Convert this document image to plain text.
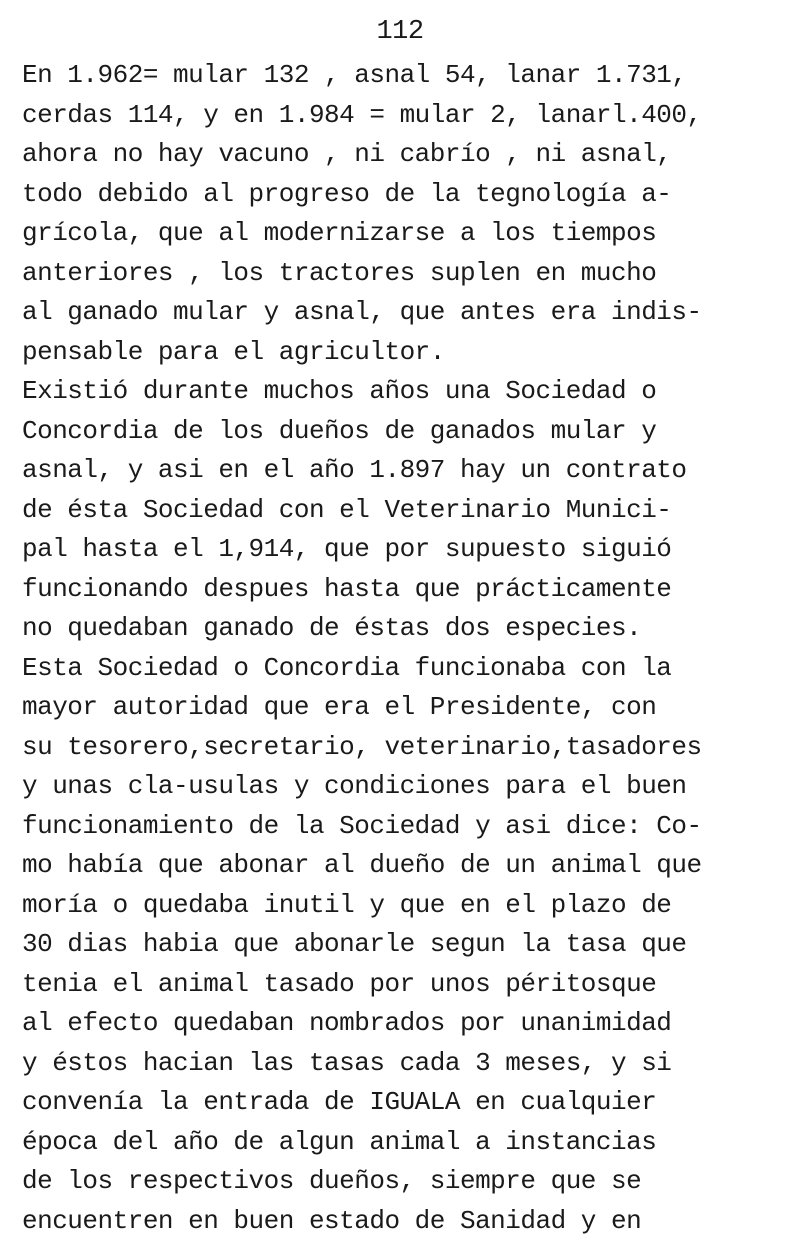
112
En 1.962= mular 132 , asnal 54, lanar 1.731,
cerdas 114, y en 1.984 = mular 2, lanarl.400,
ahora no hay vacuno , ni cabrío , ni asnal,
todo debido al progreso de la tegnología a-
grícola, que al modernizarse a los tiempos
anteriores , los tractores suplen en mucho
al ganado mular y asnal, que antes era indis-
pensable para el agricultor.
Existió durante muchos años una Sociedad o
Concordia de los dueños de ganados mular y
asnal, y asi en el año 1.897 hay un contrato
de ésta Sociedad con el Veterinario Munici-
pal hasta el 1,914, que por supuesto siguió
funcionando despues hasta que prácticamente
no quedaban ganado de éstas dos especies.
Esta Sociedad o Concordia funcionaba con la
mayor autoridad que era el Presidente, con
su tesorero,secretario, veterinario,tasadores
y unas cla-usulas y condiciones para el buen
funcionamiento de la Sociedad y asi dice: Co-
mo había que abonar al dueño de un animal que
moría o quedaba inutil y que en el plazo de
30 dias habia que abonarle segun la tasa que
tenia el animal tasado por unos péritosque
al efecto quedaban nombrados por unanimidad
y éstos hacian las tasas cada 3 meses, y si
convenía la entrada de IGUALA en cualquier
época del año de algun animal a instancias
de los respectivos dueños, siempre que se
encuentren en buen estado de Sanidad y en
